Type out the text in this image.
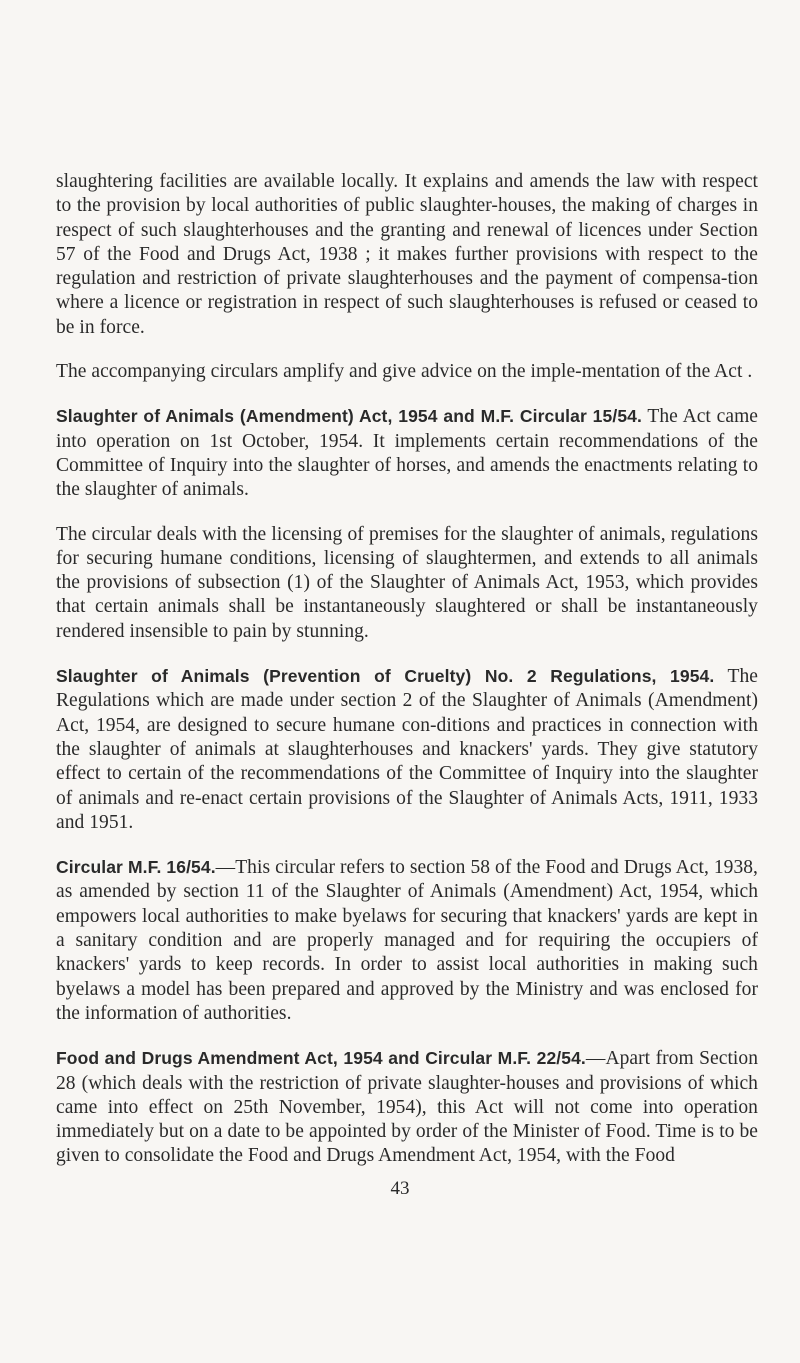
slaughtering facilities are available locally. It explains and amends the law with respect to the provision by local authorities of public slaughter-houses, the making of charges in respect of such slaughterhouses and the granting and renewal of licences under Section 57 of the Food and Drugs Act, 1938 ; it makes further provisions with respect to the regulation and restriction of private slaughterhouses and the payment of compensa-tion where a licence or registration in respect of such slaughterhouses is refused or ceased to be in force.

The accompanying circulars amplify and give advice on the imple-mentation of the Act .

Slaughter of Animals (Amendment) Act, 1954 and M.F. Circular 15/54. The Act came into operation on 1st October, 1954. It implements certain recommendations of the Committee of Inquiry into the slaughter of horses, and amends the enactments relating to the slaughter of animals.

The circular deals with the licensing of premises for the slaughter of animals, regulations for securing humane conditions, licensing of slaughtermen, and extends to all animals the provisions of subsection (1) of the Slaughter of Animals Act, 1953, which provides that certain animals shall be instantaneously slaughtered or shall be instantaneously rendered insensible to pain by stunning.

Slaughter of Animals (Prevention of Cruelty) No. 2 Regulations, 1954. The Regulations which are made under section 2 of the Slaughter of Animals (Amendment) Act, 1954, are designed to secure humane con-ditions and practices in connection with the slaughter of animals at slaughterhouses and knackers' yards. They give statutory effect to certain of the recommendations of the Committee of Inquiry into the slaughter of animals and re-enact certain provisions of the Slaughter of Animals Acts, 1911, 1933 and 1951.

Circular M.F. 16/54.—This circular refers to section 58 of the Food and Drugs Act, 1938, as amended by section 11 of the Slaughter of Animals (Amendment) Act, 1954, which empowers local authorities to make byelaws for securing that knackers' yards are kept in a sanitary condition and are properly managed and for requiring the occupiers of knackers' yards to keep records. In order to assist local authorities in making such byelaws a model has been prepared and approved by the Ministry and was enclosed for the information of authorities.

Food and Drugs Amendment Act, 1954 and Circular M.F. 22/54.—Apart from Section 28 (which deals with the restriction of private slaughter-houses and provisions of which came into effect on 25th November, 1954), this Act will not come into operation immediately but on a date to be appointed by order of the Minister of Food. Time is to be given to consolidate the Food and Drugs Amendment Act, 1954, with the Food

43
